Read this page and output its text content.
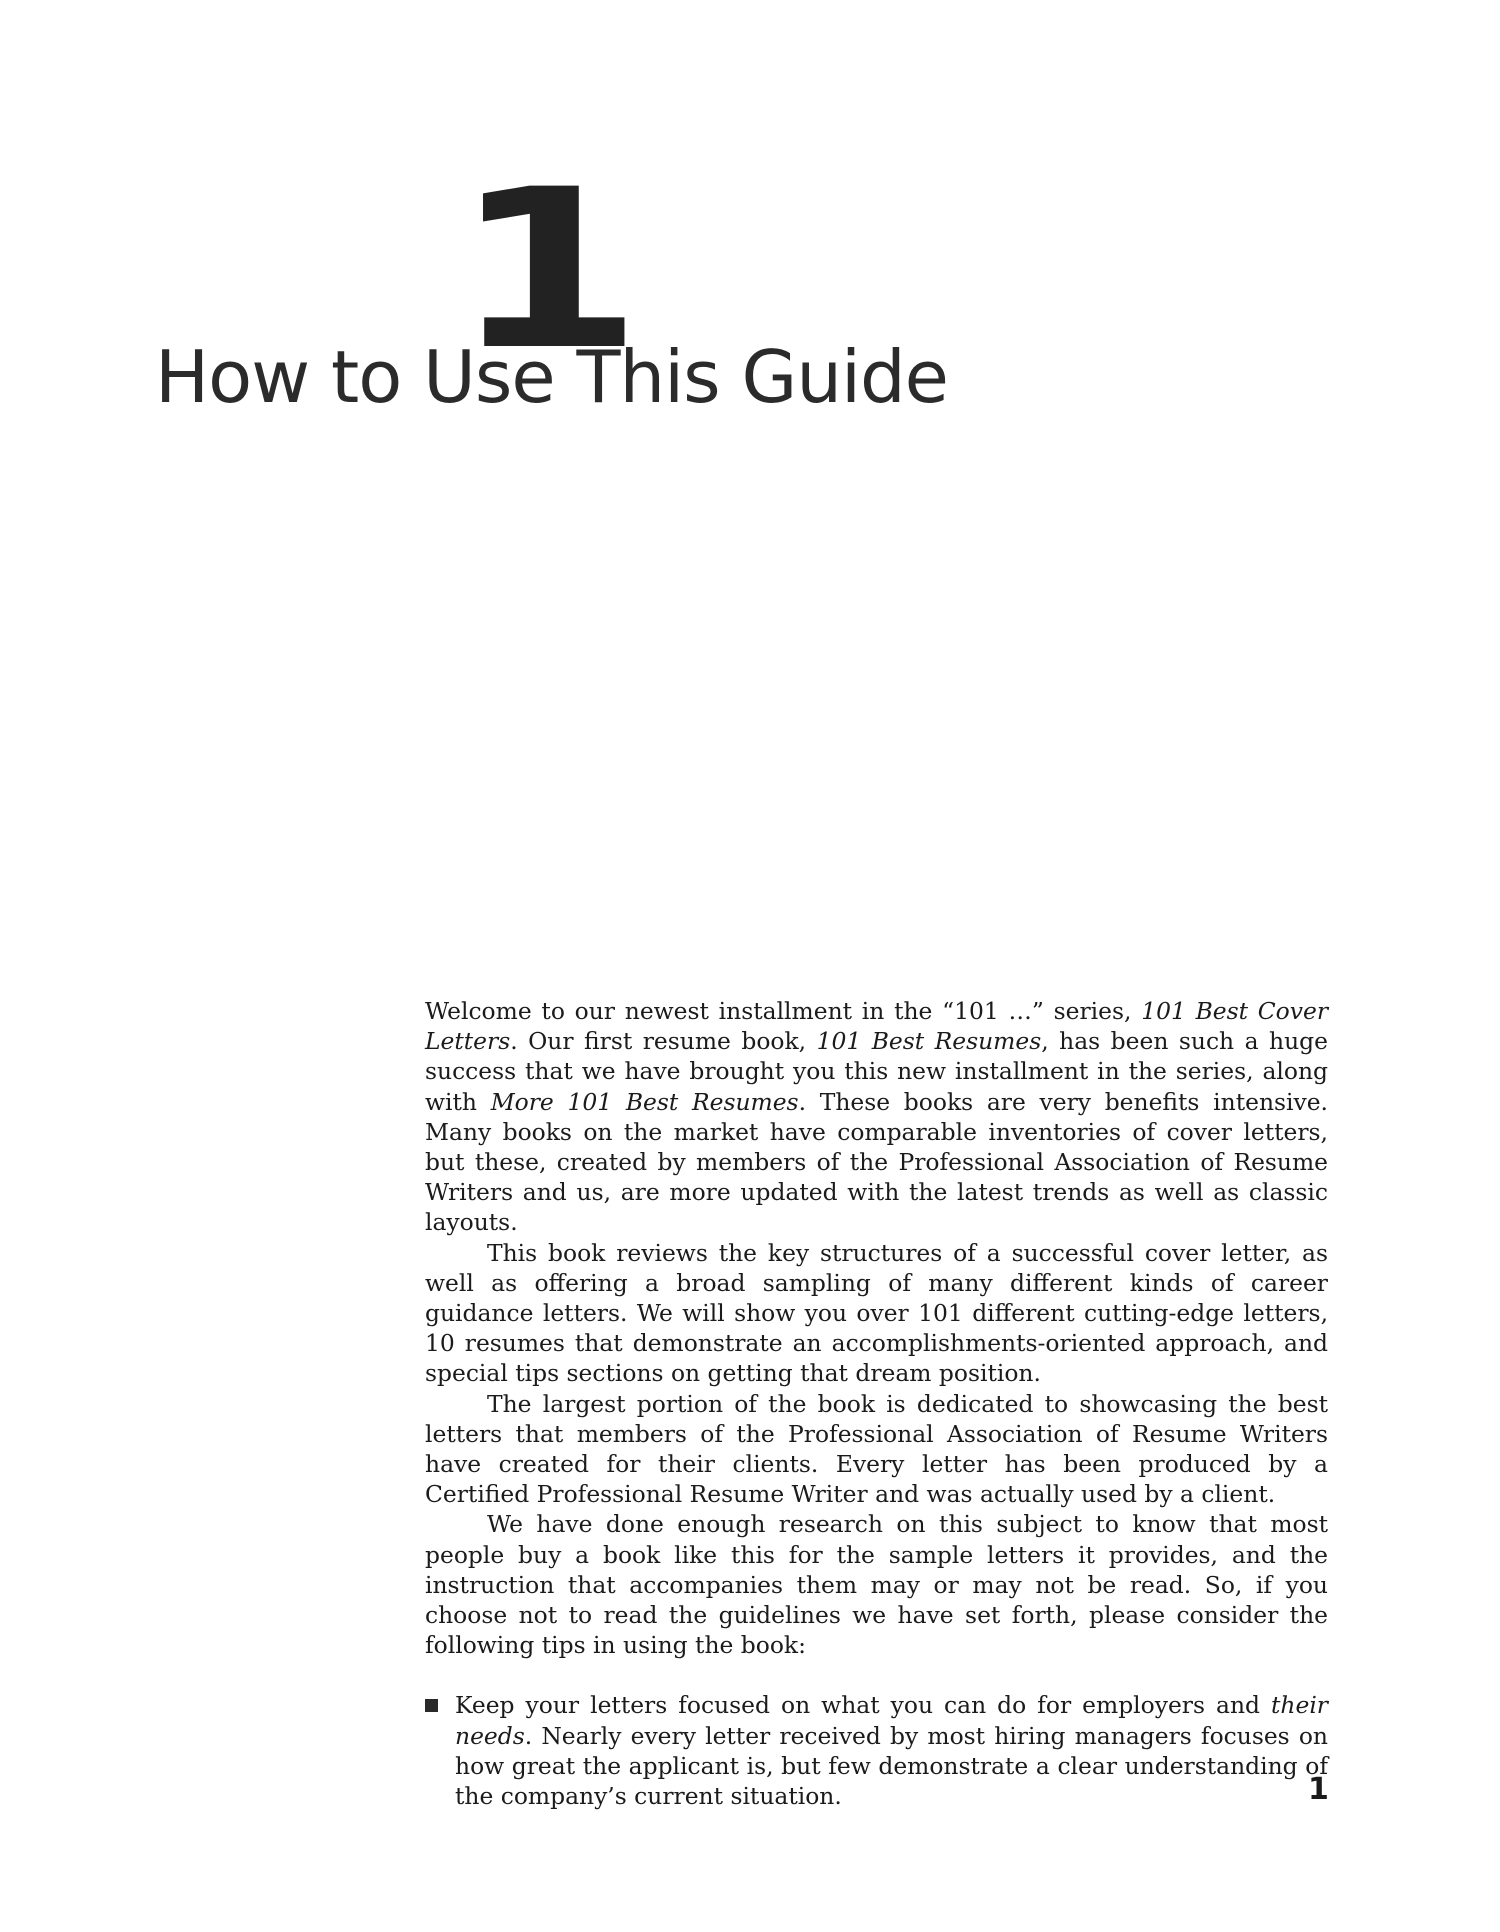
1
How to Use This Guide

Welcome to our newest installment in the “101 …” series, 101 Best Cover Letters. Our first resume book, 101 Best Resumes, has been such a huge success that we have brought you this new installment in the series, along with More 101 Best Resumes. These books are very benefits intensive. Many books on the market have comparable inventories of cover letters, but these, created by members of the Professional Association of Resume Writers and us, are more updated with the latest trends as well as classic layouts.

This book reviews the key structures of a successful cover letter, as well as offering a broad sampling of many different kinds of career guidance letters. We will show you over 101 different cutting-edge letters, 10 resumes that demonstrate an accomplishments-oriented approach, and special tips sections on getting that dream position.

The largest portion of the book is dedicated to showcasing the best letters that members of the Professional Association of Resume Writers have created for their clients. Every letter has been produced by a Certified Professional Resume Writer and was actually used by a client.

We have done enough research on this subject to know that most people buy a book like this for the sample letters it provides, and the instruction that accompanies them may or may not be read. So, if you choose not to read the guidelines we have set forth, please consider the following tips in using the book:

Keep your letters focused on what you can do for employers and their needs. Nearly every letter received by most hiring managers focuses on how great the applicant is, but few demonstrate a clear understanding of the company’s current situation.	1
